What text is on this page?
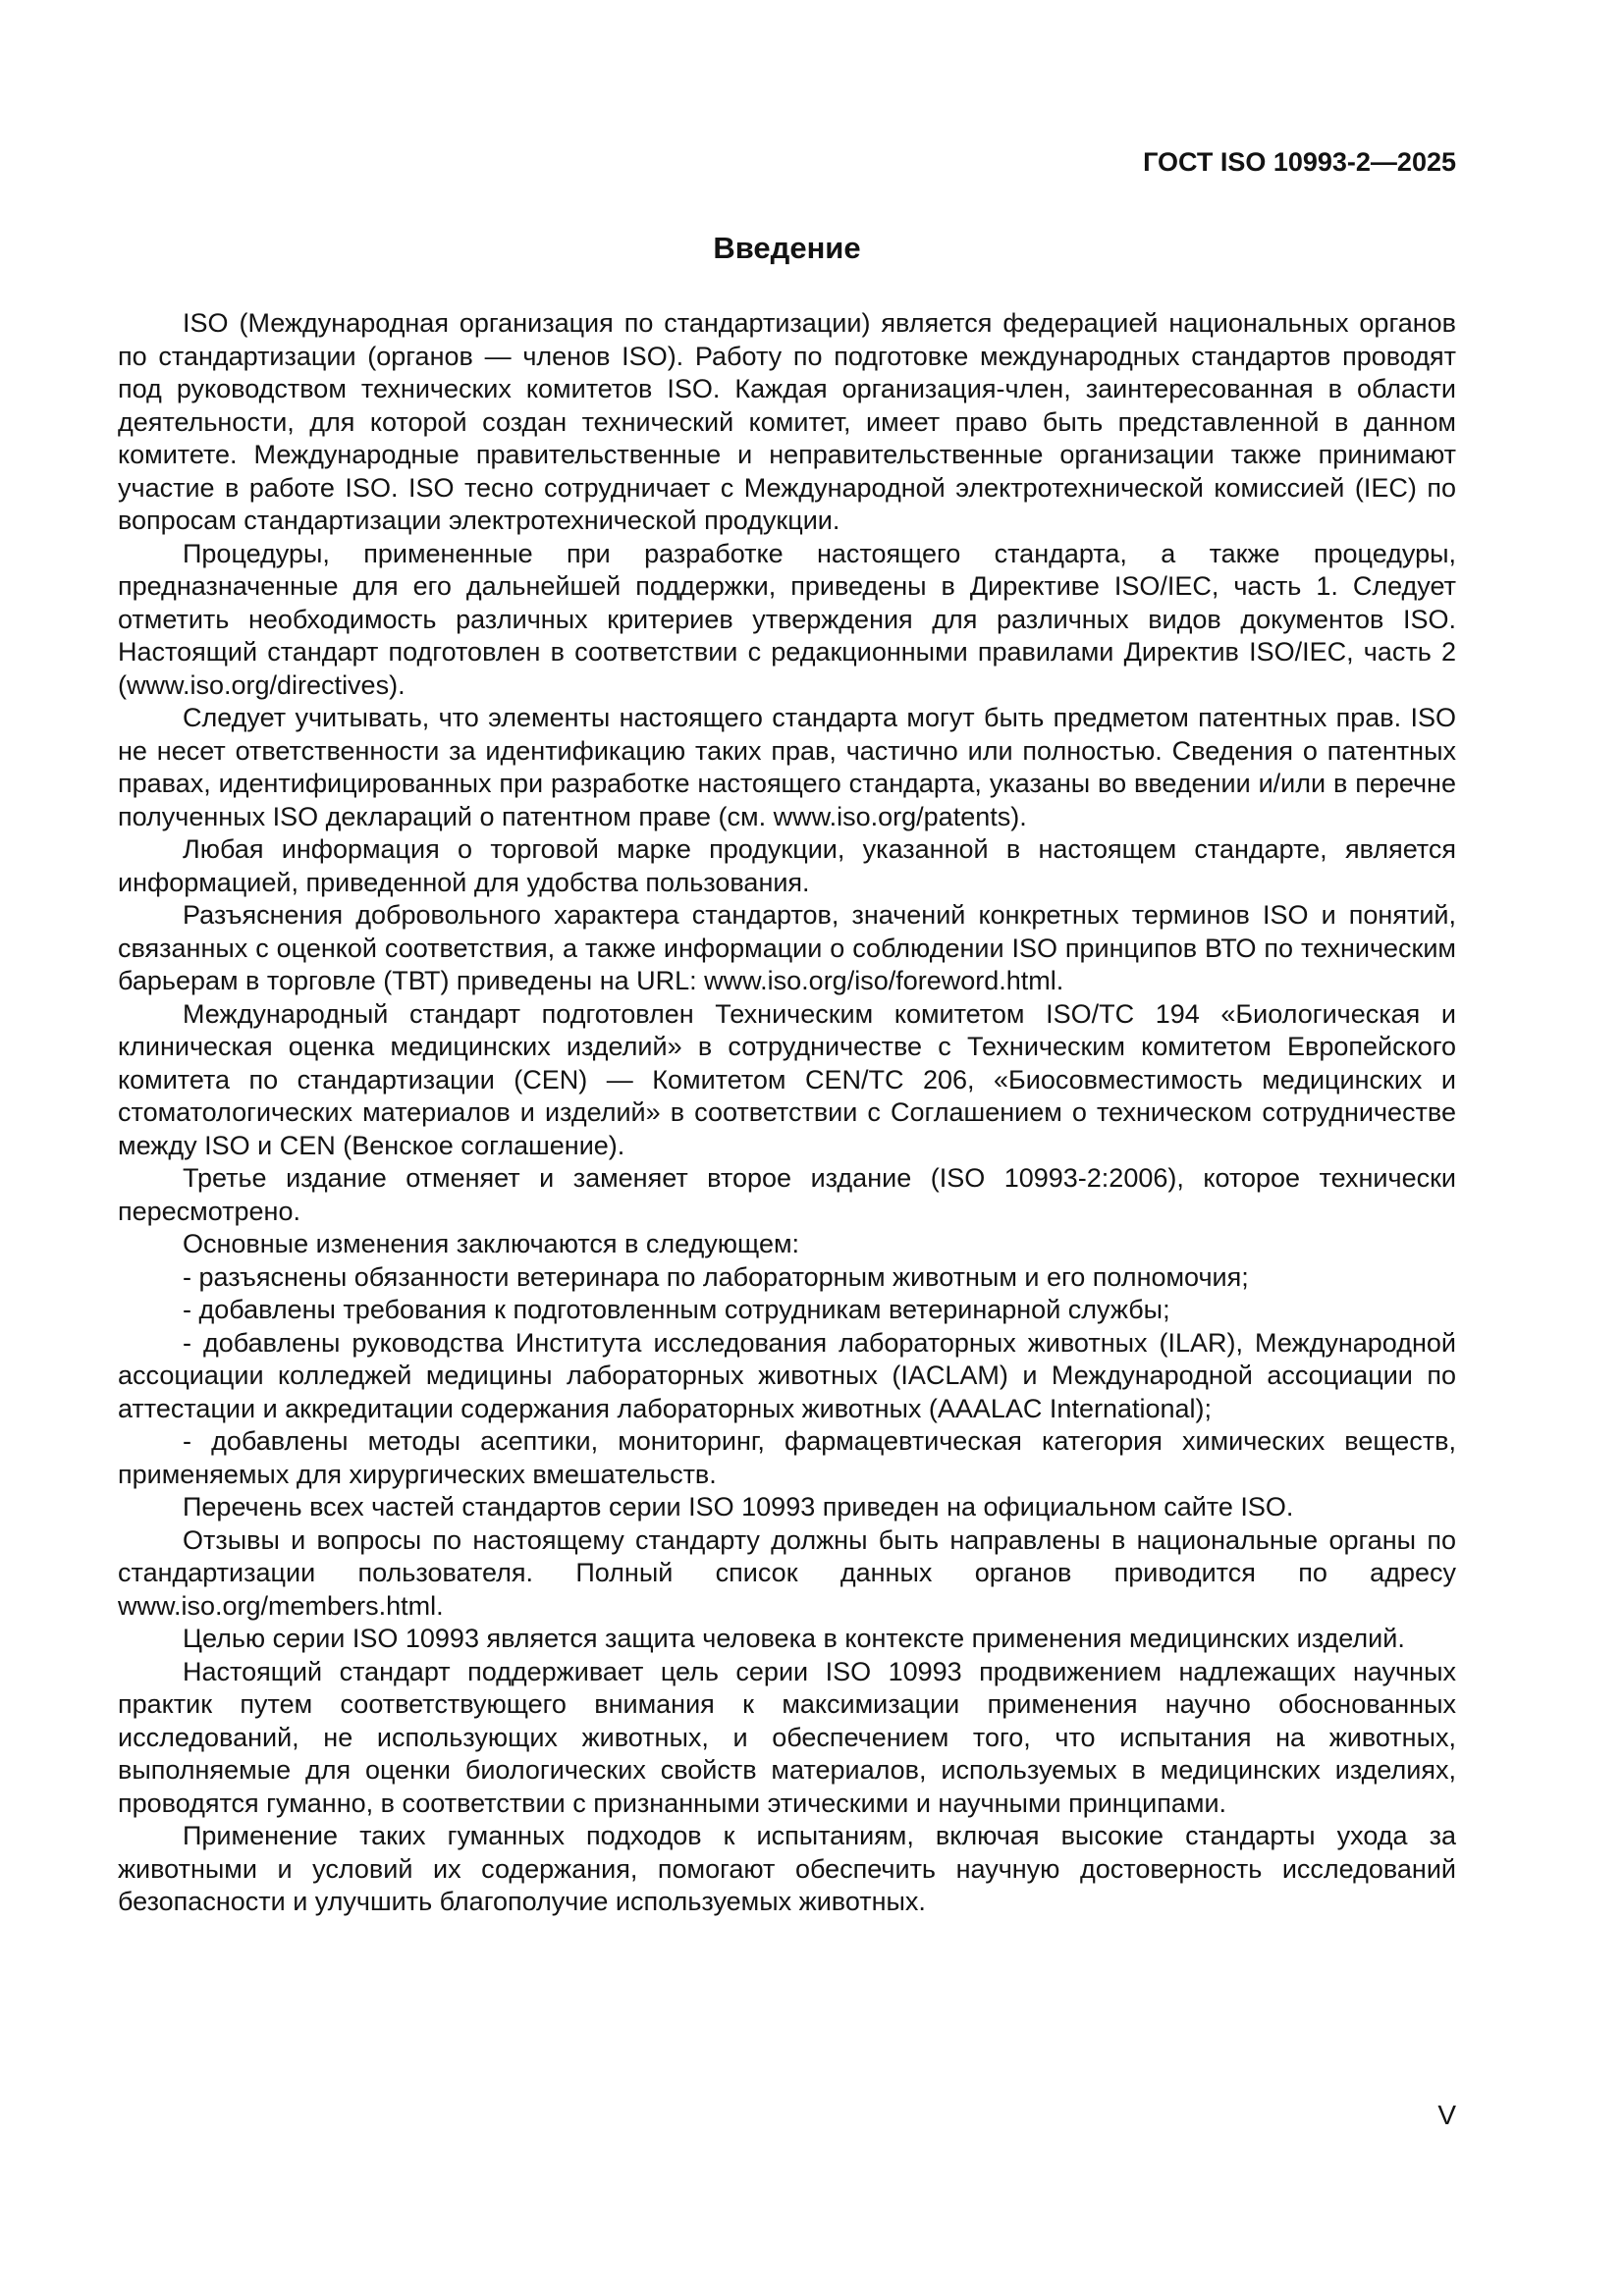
ГОСТ ISO 10993-2—2025
Введение

ISO (Международная организация по стандартизации) является федерацией национальных органов по стандартизации (органов — членов ISO). Работу по подготовке международных стандартов проводят под руководством технических комитетов ISO. Каждая организация-член, заинтересованная в области деятельности, для которой создан технический комитет, имеет право быть представленной в данном комитете. Международные правительственные и неправительственные организации также принимают участие в работе ISO. ISO тесно сотрудничает с Международной электротехнической комиссией (IEC) по вопросам стандартизации электротехнической продукции.

Процедуры, примененные при разработке настоящего стандарта, а также процедуры, предназначенные для его дальнейшей поддержки, приведены в Директиве ISO/IEC, часть 1. Следует отметить необходимость различных критериев утверждения для различных видов документов ISO. Настоящий стандарт подготовлен в соответствии с редакционными правилами Директив ISO/IEC, часть 2 (www.iso.org/directives).

Следует учитывать, что элементы настоящего стандарта могут быть предметом патентных прав. ISO не несет ответственности за идентификацию таких прав, частично или полностью. Сведения о патентных правах, идентифицированных при разработке настоящего стандарта, указаны во введении и/или в перечне полученных ISO деклараций о патентном праве (см. www.iso.org/patents).

Любая информация о торговой марке продукции, указанной в настоящем стандарте, является информацией, приведенной для удобства пользования.

Разъяснения добровольного характера стандартов, значений конкретных терминов ISO и понятий, связанных с оценкой соответствия, а также информации о соблюдении ISO принципов ВТО по техническим барьерам в торговле (ТВТ) приведены на URL: www.iso.org/iso/foreword.html.

Международный стандарт подготовлен Техническим комитетом ISO/TC 194 «Биологическая и клиническая оценка медицинских изделий» в сотрудничестве с Техническим комитетом Европейского комитета по стандартизации (CEN) — Комитетом CEN/TC 206, «Биосовместимость медицинских и стоматологических материалов и изделий» в соответствии с Соглашением о техническом сотрудничестве между ISO и CEN (Венское соглашение).

Третье издание отменяет и заменяет второе издание (ISO 10993-2:2006), которое технически пересмотрено.

Основные изменения заключаются в следующем:

- разъяснены обязанности ветеринара по лабораторным животным и его полномочия;

- добавлены требования к подготовленным сотрудникам ветеринарной службы;

- добавлены руководства Института исследования лабораторных животных (ILAR), Международной ассоциации колледжей медицины лабораторных животных (IACLAM) и Международной ассоциации по аттестации и аккредитации содержания лабораторных животных (AAALAC International);

- добавлены методы асептики, мониторинг, фармацевтическая категория химических веществ, применяемых для хирургических вмешательств.

Перечень всех частей стандартов серии ISO 10993 приведен на официальном сайте ISO.

Отзывы и вопросы по настоящему стандарту должны быть направлены в национальные органы по стандартизации пользователя. Полный список данных органов приводится по адресу www.iso.org/members.html.

Целью серии ISO 10993 является защита человека в контексте применения медицинских изделий.

Настоящий стандарт поддерживает цель серии ISO 10993 продвижением надлежащих научных практик путем соответствующего внимания к максимизации применения научно обоснованных исследований, не использующих животных, и обеспечением того, что испытания на животных, выполняемые для оценки биологических свойств материалов, используемых в медицинских изделиях, проводятся гуманно, в соответствии с признанными этическими и научными принципами.

Применение таких гуманных подходов к испытаниям, включая высокие стандарты ухода за животными и условий их содержания, помогают обеспечить научную достоверность исследований безопасности и улучшить благополучие используемых животных.

V
